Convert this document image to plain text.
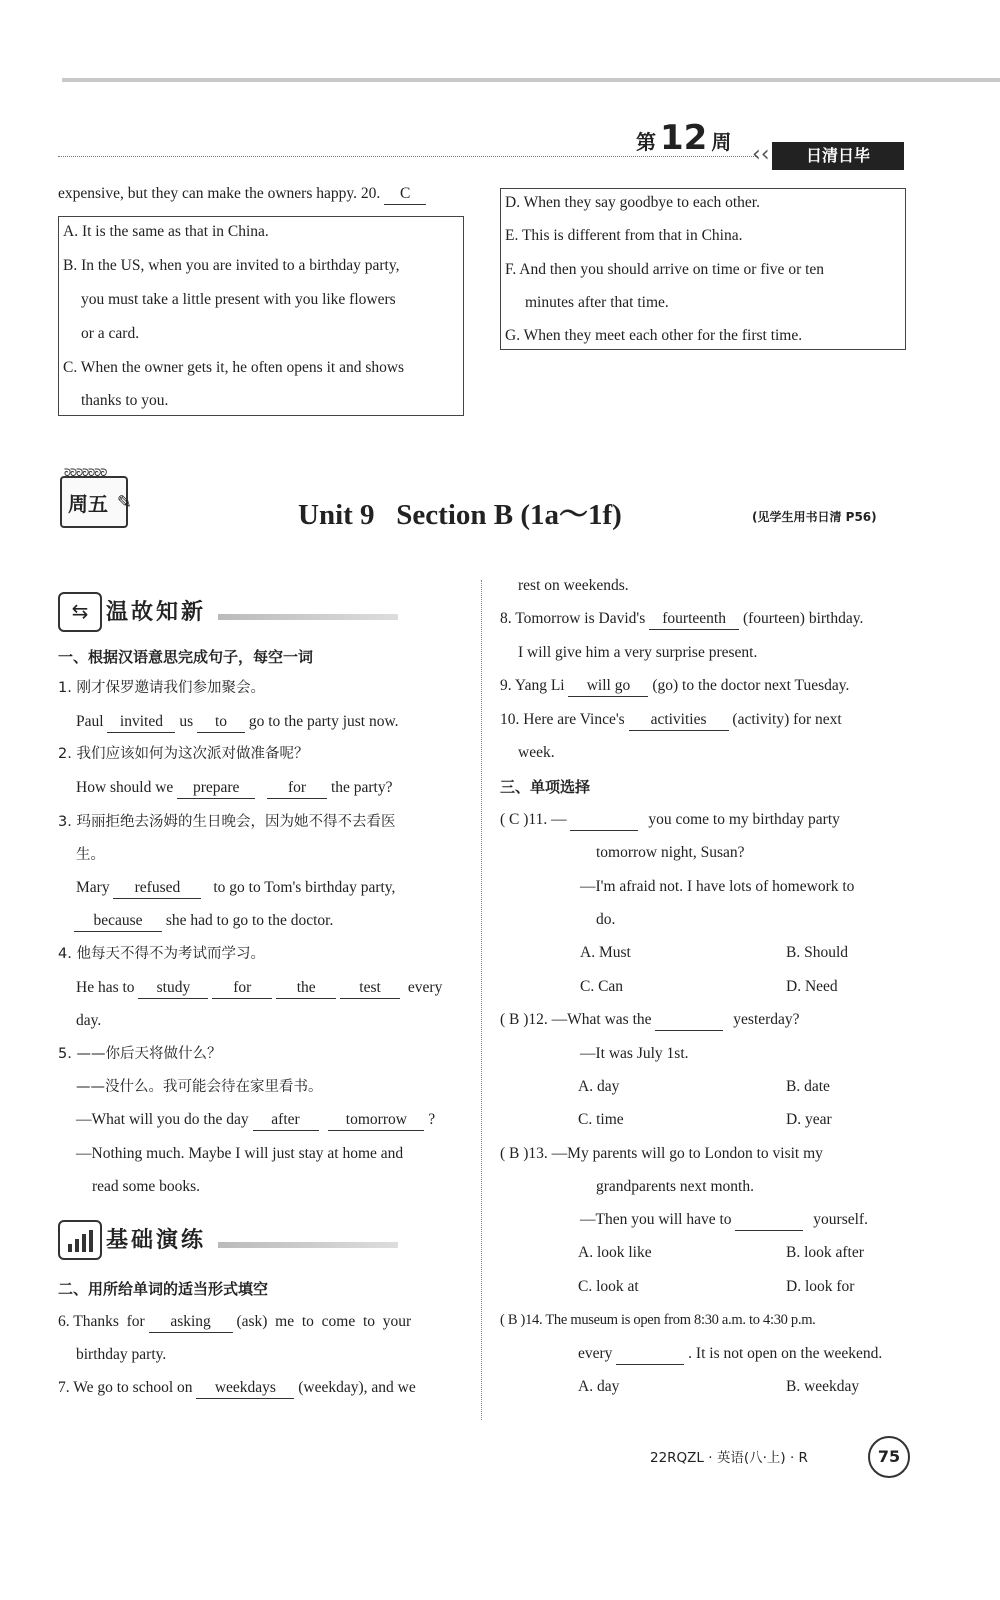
第 12 周 ‹‹	日清日毕
expensive, but they can make the owners happy. 20. C
A. It is the same as that in China.
B. In the US, when you are invited to a birthday party,
you must take a little present with you like flowers
or a card.
C. When the owner gets it, he often opens it and shows
thanks to you.
D. When they say goodbye to each other.
E. This is different from that in China.
F. And then you should arrive on time or five or ten
minutes after that time.
G. When they meet each other for the first time.
ᘐᘐᘐᘐᘐᘐᘐ
周五 ✎	Unit 9   Section B (1a～1f)	(见学生用书日清 P56)
⇆ 温故知新
一、根据汉语意思完成句子，每空一词
1. 刚才保罗邀请我们参加聚会。
Paul invited us to go to the party just now.
2. 我们应该如何为这次派对做准备呢？
How should we prepare	for the party?
3. 玛丽拒绝去汤姆的生日晚会，因为她不得不去看医
生。
Mary refused to go to Tom's birthday party,
because she had to go to the doctor.
4. 他每天不得不为考试而学习。
He has to study	for	the	test every
day.
5. ——你后天将做什么？
——没什么。我可能会待在家里看书。
—What will you do the day after	tomorrow ?
—Nothing much. Maybe I will just stay at home and
read some books.
基础演练
二、用所给单词的适当形式填空
6. Thanks  for asking (ask)  me  to  come  to  your
birthday party.
7. We go to school on weekdays (weekday), and we
rest on weekends.
8. Tomorrow is David's fourteenth (fourteen) birthday.
I will give him a very surprise present.
9. Yang Li will go (go) to the doctor next Tuesday.
10. Here are Vince's activities (activity) for next
week.
三、单项选择
( C )11. —	you come to my birthday party
tomorrow night, Susan?
—I'm afraid not. I have lots of homework to
do.
A. Must	B. Should
C. Can	D. Need
( B )12. —What was the	yesterday?
—It was July 1st.
A. day	B. date
C. time	D. year
( B )13. —My parents will go to London to visit my
grandparents next month.
—Then you will have to	yourself.
A. look like	B. look after
C. look at	D. look for
( B )14. The museum is open from 8:30 a.m. to 4:30 p.m.
every	. It is not open on the weekend.
A. day	B. weekday
22RQZL · 英语(八·上) · R	75
